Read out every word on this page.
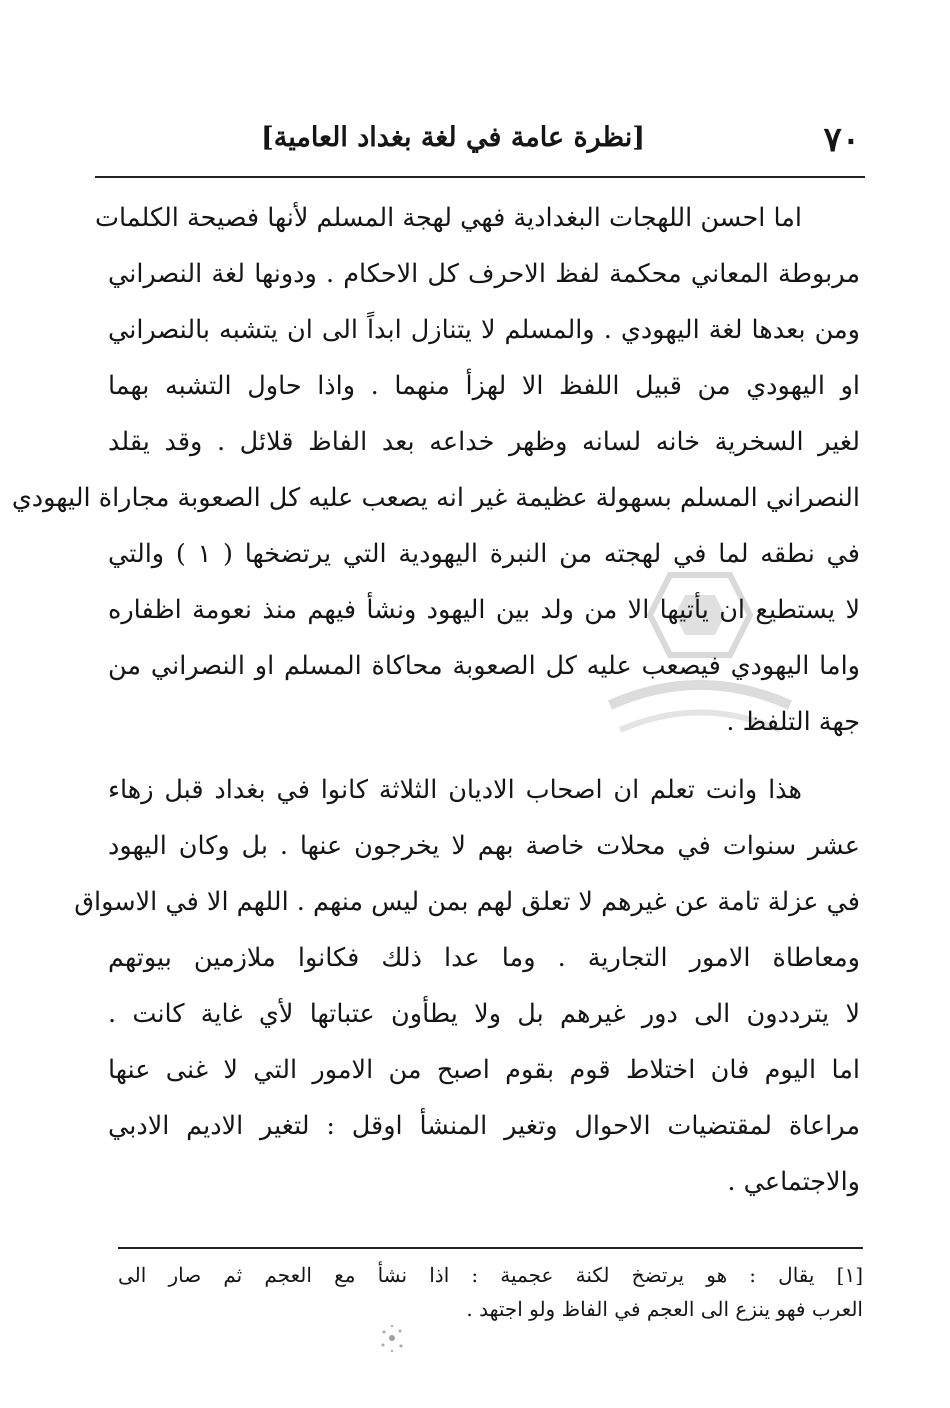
٧٠
[نظرة عامة في لغة بغداد العامية]
اما احسن اللهجات البغدادية فهي لهجة المسلم لأنها فصيحة الكلمات
مربوطة المعاني محكمة لفظ الاحرف كل الاحكام . ودونها لغة النصراني
ومن بعدها لغة اليهودي . والمسلم لا يتنازل ابداً الى ان يتشبه بالنصراني
او اليهودي من قبيل اللفظ الا لهزأ منهما . واذا حاول التشبه بهما
لغير السخرية خانه لسانه وظهر خداعه بعد الفاظ قلائل . وقد يقلد
النصراني المسلم بسهولة عظيمة غير انه يصعب عليه كل الصعوبة مجاراة اليهودي
في نطقه لما في لهجته من النبرة اليهودية التي يرتضخها ( ١ ) والتي
لا يستطيع ان يأتيها الا من ولد بين اليهود ونشأ فيهم منذ نعومة اظفاره
واما اليهودي فيصعب عليه كل الصعوبة محاكاة المسلم او النصراني من
جهة التلفظ .
هذا وانت تعلم ان اصحاب الاديان الثلاثة كانوا في بغداد قبل زهاء
عشر سنوات في محلات خاصة بهم لا يخرجون عنها . بل وكان اليهود
في عزلة تامة عن غيرهم لا تعلق لهم بمن ليس منهم . اللهم الا في الاسواق
ومعاطاة الامور التجارية . وما عدا ذلك فكانوا ملازمين بيوتهم
لا يترددون الى دور غيرهم بل ولا يطأون عتباتها لأي غاية كانت .
اما اليوم فان اختلاط قوم بقوم اصبح من الامور التي لا غنى عنها
مراعاة لمقتضيات الاحوال وتغير المنشأ اوقل : لتغير الاديم الادبي
والاجتماعي .
[١] يقال : هو يرتضخ لكنة عجمية : اذا نشأ مع العجم ثم صار الى
العرب فهو ينزع الى العجم في الفاظ ولو اجتهد .
